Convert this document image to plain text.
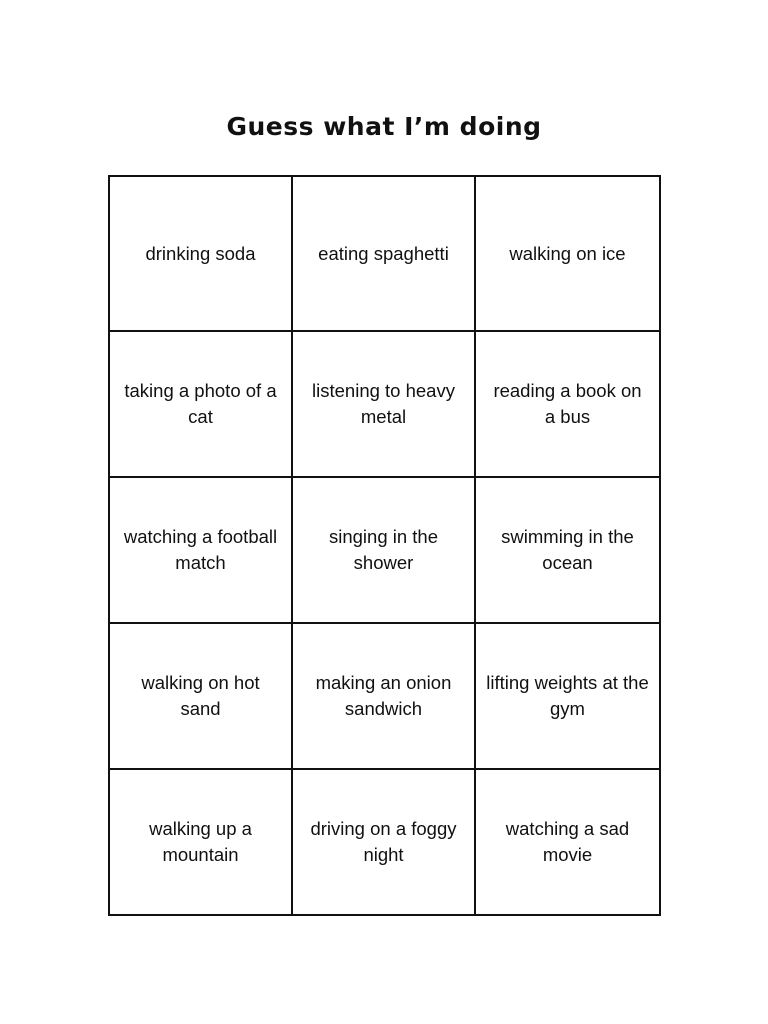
Guess what I’m doing
drinking soda	eating spaghetti	walking on ice
taking a photo of a cat
listening to heavy metal
reading a book on a bus
watching a football match
singing in the shower
swimming in the ocean
walking on hot sand
making an onion sandwich
lifting weights at the gym
walking up a mountain
driving on a foggy night
watching a sad movie
